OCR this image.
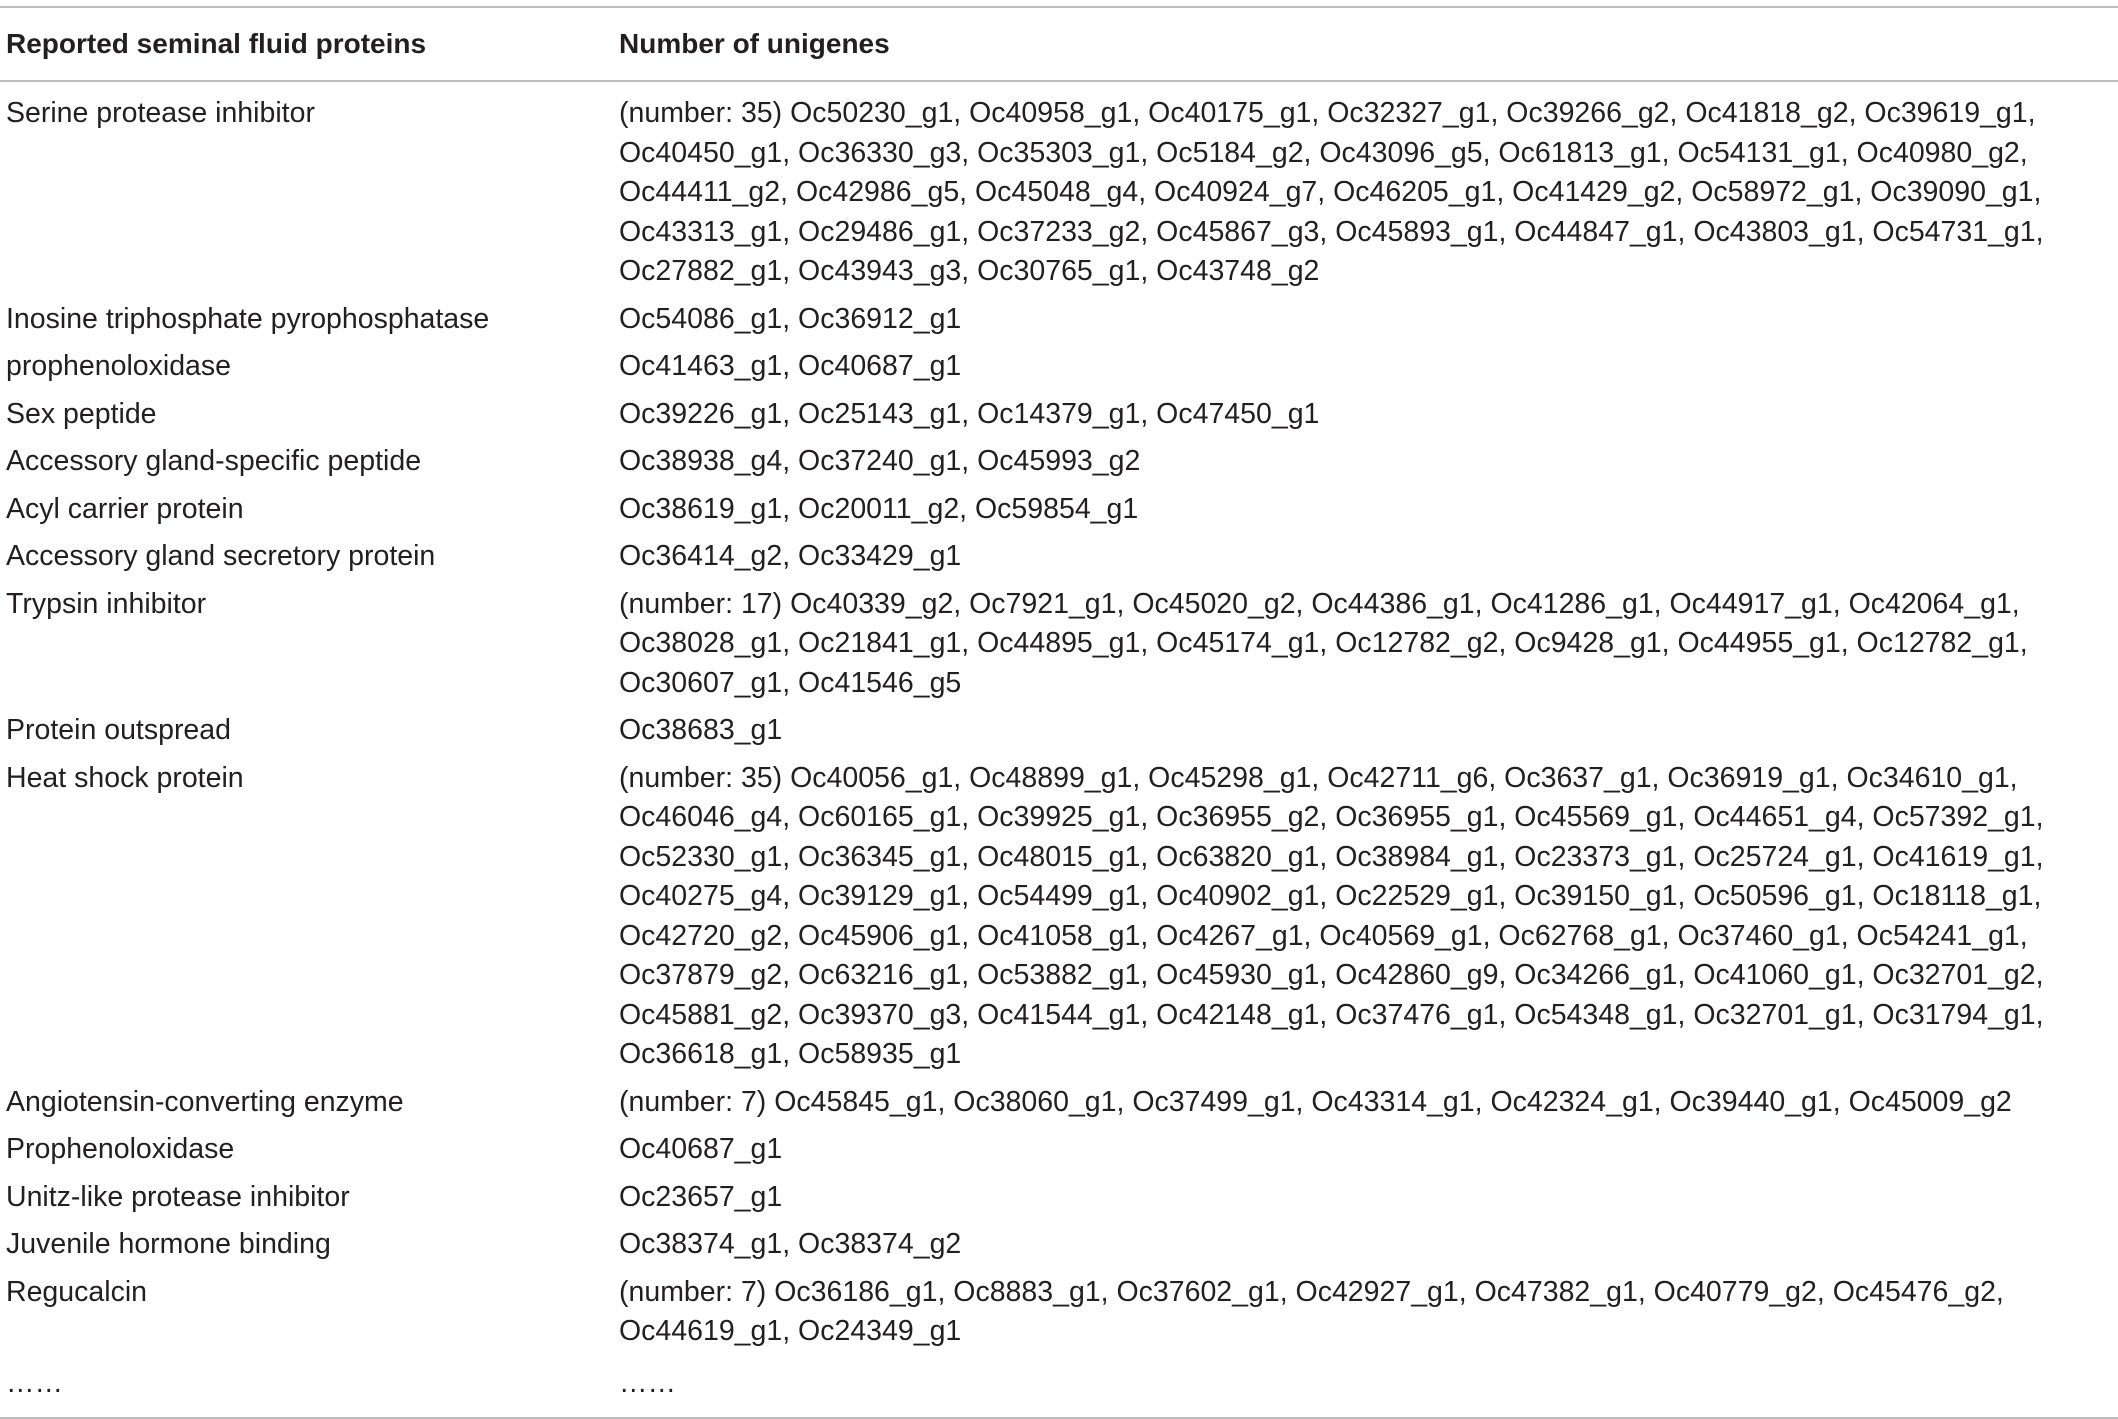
Reported seminal fluid proteins	Number of unigenes
Serine protease inhibitor	(number: 35) Oc50230_g1, Oc40958_g1, Oc40175_g1, Oc32327_g1, Oc39266_g2, Oc41818_g2, Oc39619_g1, Oc40450_g1, Oc36330_g3, Oc35303_g1, Oc5184_g2, Oc43096_g5, Oc61813_g1, Oc54131_g1, Oc40980_g2, Oc44411_g2, Oc42986_g5, Oc45048_g4, Oc40924_g7, Oc46205_g1, Oc41429_g2, Oc58972_g1, Oc39090_g1, Oc43313_g1, Oc29486_g1, Oc37233_g2, Oc45867_g3, Oc45893_g1, Oc44847_g1, Oc43803_g1, Oc54731_g1, Oc27882_g1, Oc43943_g3, Oc30765_g1, Oc43748_g2
Inosine triphosphate pyrophosphatase	Oc54086_g1, Oc36912_g1
prophenoloxidase	Oc41463_g1, Oc40687_g1
Sex peptide	Oc39226_g1, Oc25143_g1, Oc14379_g1, Oc47450_g1
Accessory gland-specific peptide	Oc38938_g4, Oc37240_g1, Oc45993_g2
Acyl carrier protein	Oc38619_g1, Oc20011_g2, Oc59854_g1
Accessory gland secretory protein	Oc36414_g2, Oc33429_g1
Trypsin inhibitor	(number: 17) Oc40339_g2, Oc7921_g1, Oc45020_g2, Oc44386_g1, Oc41286_g1, Oc44917_g1, Oc42064_g1, Oc38028_g1, Oc21841_g1, Oc44895_g1, Oc45174_g1, Oc12782_g2, Oc9428_g1, Oc44955_g1, Oc12782_g1, Oc30607_g1, Oc41546_g5
Protein outspread	Oc38683_g1
Heat shock protein	(number: 35) Oc40056_g1, Oc48899_g1, Oc45298_g1, Oc42711_g6, Oc3637_g1, Oc36919_g1, Oc34610_g1, Oc46046_g4, Oc60165_g1, Oc39925_g1, Oc36955_g2, Oc36955_g1, Oc45569_g1, Oc44651_g4, Oc57392_g1, Oc52330_g1, Oc36345_g1, Oc48015_g1, Oc63820_g1, Oc38984_g1, Oc23373_g1, Oc25724_g1, Oc41619_g1, Oc40275_g4, Oc39129_g1, Oc54499_g1, Oc40902_g1, Oc22529_g1, Oc39150_g1, Oc50596_g1, Oc18118_g1, Oc42720_g2, Oc45906_g1, Oc41058_g1, Oc4267_g1, Oc40569_g1, Oc62768_g1, Oc37460_g1, Oc54241_g1, Oc37879_g2, Oc63216_g1, Oc53882_g1, Oc45930_g1, Oc42860_g9, Oc34266_g1, Oc41060_g1, Oc32701_g2, Oc45881_g2, Oc39370_g3, Oc41544_g1, Oc42148_g1, Oc37476_g1, Oc54348_g1, Oc32701_g1, Oc31794_g1, Oc36618_g1, Oc58935_g1
Angiotensin-converting enzyme	(number: 7) Oc45845_g1, Oc38060_g1, Oc37499_g1, Oc43314_g1, Oc42324_g1, Oc39440_g1, Oc45009_g2
Prophenoloxidase	Oc40687_g1
Unitz-like protease inhibitor	Oc23657_g1
Juvenile hormone binding	Oc38374_g1, Oc38374_g2
Regucalcin	(number: 7) Oc36186_g1, Oc8883_g1, Oc37602_g1, Oc42927_g1, Oc47382_g1, Oc40779_g2, Oc45476_g2, Oc44619_g1, Oc24349_g1
……	……
